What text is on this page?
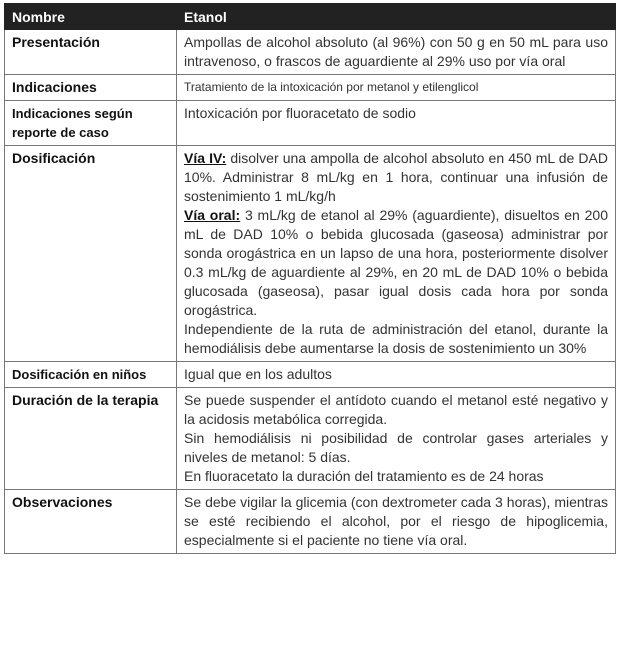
Nombre	Etanol
Presentación	Ampollas de alcohol absoluto (al 96%) con 50 g en 50 mL para uso intravenoso, o frascos de aguardiente al 29% uso por vía oral
Indicaciones	Tratamiento de la intoxicación por metanol y etilenglicol
Indicaciones según reporte de caso	Intoxicación por fluoracetato de sodio
Dosificación	Vía IV: disolver una ampolla de alcohol absoluto en 450 mL de DAD 10%. Administrar 8 mL/kg en 1 hora, continuar una infusión de sostenimiento 1 mL/kg/h
Vía oral: 3 mL/kg de etanol al 29% (aguardiente), disueltos en 200 mL de DAD 10% o bebida glucosada (gaseosa) administrar por sonda orogástrica en un lapso de una hora, posteriormente disolver 0.3 mL/kg de aguardiente al 29%, en 20 mL de DAD 10% o bebida glucosada (gaseosa), pasar igual dosis cada hora por sonda orogástrica.
Independiente de la ruta de administración del etanol, durante la hemodiálisis debe aumentarse la dosis de sostenimiento un 30%

Dosificación en niños	Igual que en los adultos
Duración de la terapia	Se puede suspender el antídoto cuando el metanol esté negativo y la acidosis metabólica corregida.
Sin hemodiálisis ni posibilidad de controlar gases arteriales y niveles de metanol: 5 días.
En fluoracetato la duración del tratamiento es de 24 horas

Observaciones	Se debe vigilar la glicemia (con dextrometer cada 3 horas), mientras se esté recibiendo el alcohol, por el riesgo de hipoglicemia, especialmente si el paciente no tiene vía oral.
